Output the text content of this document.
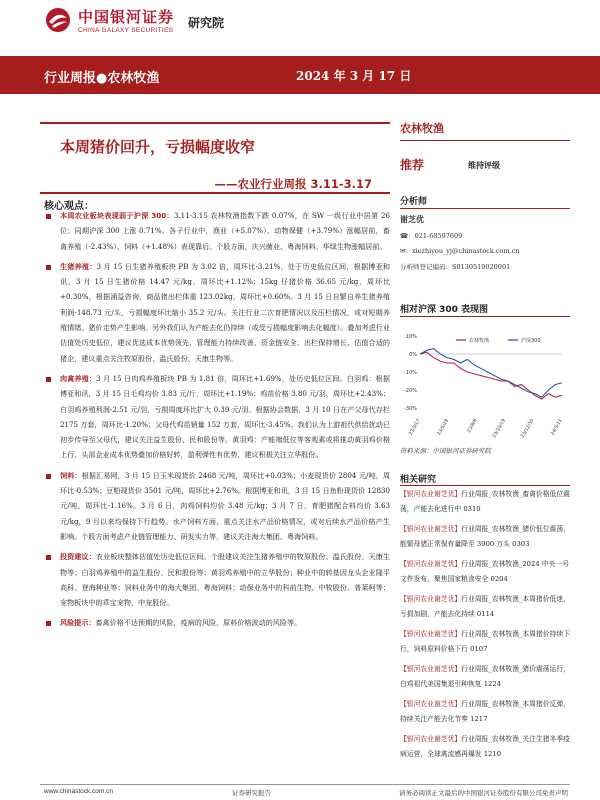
中国银河证券
CHINA GALAXY SECURITIES
研究院
行业周报●农林牧渔	2024 年 3 月 17 日
本周猪价回升，亏损幅度收窄
——农业行业周报 3.11-3.17
核心观点：
本周农业板块表现弱于沪深 300：3.11-3.15 农林牧渔指数下跌 0.07%，在 SW 一级行业中居第 26 位；同期沪深 300 上涨 0.71%。各子行业中，渔业（+5.07%）、动物保健（+3.79%）涨幅居前，畜禽养殖（-2.43%）、饲料（+1.48%）表现靠后。个股方面，庆兴菌业、粤海饲料、华绿生物涨幅居前。
生猪养殖：3 月 15 日生猪养殖板块 PB 为 3.02 倍，周环比-3.21%，处于历史低位区间，根据博亚和讯，3 月 15 日生猪价格 14.47 元/kg，周环比+1.12%；15kg 仔猪价格 36.65 元/kg，周环比+0.30%，根据涌益咨询，商品猪出栏体重 123.02kg，周环比+0.60%。3 月 15 日自繁自养生猪养殖利润-148.73 元/头，亏损幅度环比缩小 35.2 元/头。关注行业二次育肥情况以及压栏情况，或对短期养殖情绪、猪价走势产生影响。另外我们认为产能去化仍持续（或受亏损幅度影响去化幅度）。叠加考虑行业估值处历史低位，建议优选成本优势领先、管理能力持续改善、资金链安全、出栏保持增长、估值合适的猪企，建议重点关注牧原股份、温氏股份、天康生物等。
肉禽养殖：3 月 15 日肉鸡养殖板块 PB 为 1.81 倍，周环比+1.69%，处历史低位区间。白羽鸡：根据博亚和讯，3 月 15 日毛鸡均价 3.83 元/斤，周环比+1.19%；鸡苗价格 3.80 元/羽，周环比+2.43%；白羽鸡养殖利润-2.51 元/羽，亏损周度环比扩大 0.39 元/羽。根据协会数据，3 月 10 日在产父母代存栏 2175 万套，周环比-1.20%；父母代鸡苗销量 152 万套，周环比-3.45%。我们认为上游祖代供给扰动已初步传导至父母代，建议关注益生股份、民和股份等。黄羽鸡：产能端低位等客观素或将推动黄羽鸡价格上行，头部企业成本优势叠加价格好转，盈利弹性有优势，建议积极关注立华股份。
饲料：根据汇易网，3 月 15 日玉米现货价 2468 元/吨，周环比+0.03%；小麦现货价 2804 元/吨，周环比-0.53%；豆粕现货价 3501 元/吨，周环比+2.76%。根据博亚和讯，3 月 15 日鱼粉现货价 12830 元/吨，周环比-1.16%。3 月 6 日，肉鸡饲料均价 3.48 元/kg；3 月 7 日，育肥猪配合料均价 3.63 元/kg，9 月以来均保持下行趋势。水产饲料方面，重点关注水产品价格情况，或对后续水产品价格产生影响。个股方面考虑产业链管理能力、研发实力等，建议关注海大集团、粤海饲料。
投资建议：农业板块整体估值处历史低位区间。个股建议关注生猪养殖中的牧原股份、温氏股份、天康生物等；白羽鸡养殖中的益生股份、民和股份等；黄羽鸡养殖中的立华股份；种业中的转基因龙头企业隆平高科、登海种业等；饲料业务中的海大集团、粤海饲料；动保业务中的科前生物、中牧股份、普莱柯等；宠物板块中的乖宝宠物、中宠股份。
风险提示：畜禽价格不达预期的风险，疫病的风险，原料价格波动的风险等。
农林牧渔
推荐	维持评级
分析师
谢芝优
☎：021-68597609
✉：xiezhiyou_yj@chinastock.com.cn
分析师登记编码：S0130519020001
相对沪深 300 表现图
10%
0%
-10%
-20%
-30%
23/3/17	23/5/28	23/8/8	23/10/19	23/12/30	24/3/11
农林牧渔	沪深300
资料来源：中国银河证券研究院
相关研究
【银河农业谢芝优】行业周报_农林牧渔_畜禽价格低位震荡，产能去化进行中 0310
【银河农业谢芝优】行业周报_农林牧渔_猪价低位震荡，能繁母猪正常保有量降至 3900 万头 0303
【银河农业谢芝优】行业周报_农林牧渔_2024 中央一号文件发布，聚焦国家粮食安全 0204
【银河农业谢芝优】行业周报_农林牧渔_本周猪价低迷，亏损加剧，产能去化持续 0114
【银河农业谢芝优】行业周报_农林牧渔_本周猪价持续下行，饲料原料价格下行 0107
【银河农业谢芝优】行业周报_农林牧渔_猪价震荡运行，白鸡祖代美国集退引种恢复 1224
【银河农业谢芝优】行业周报_农林牧渔_本周猪价反弹，持续关注产能去化节奏 1217
【银河农业谢芝优】行业周报_农林牧渔_关注生猪冬季疫病运营，全球禽流感再爆发 1210
www.chinastock.com.cn	证券研究报告	请务必阅读正文最后的中国银河证券股份有限公司免责声明
